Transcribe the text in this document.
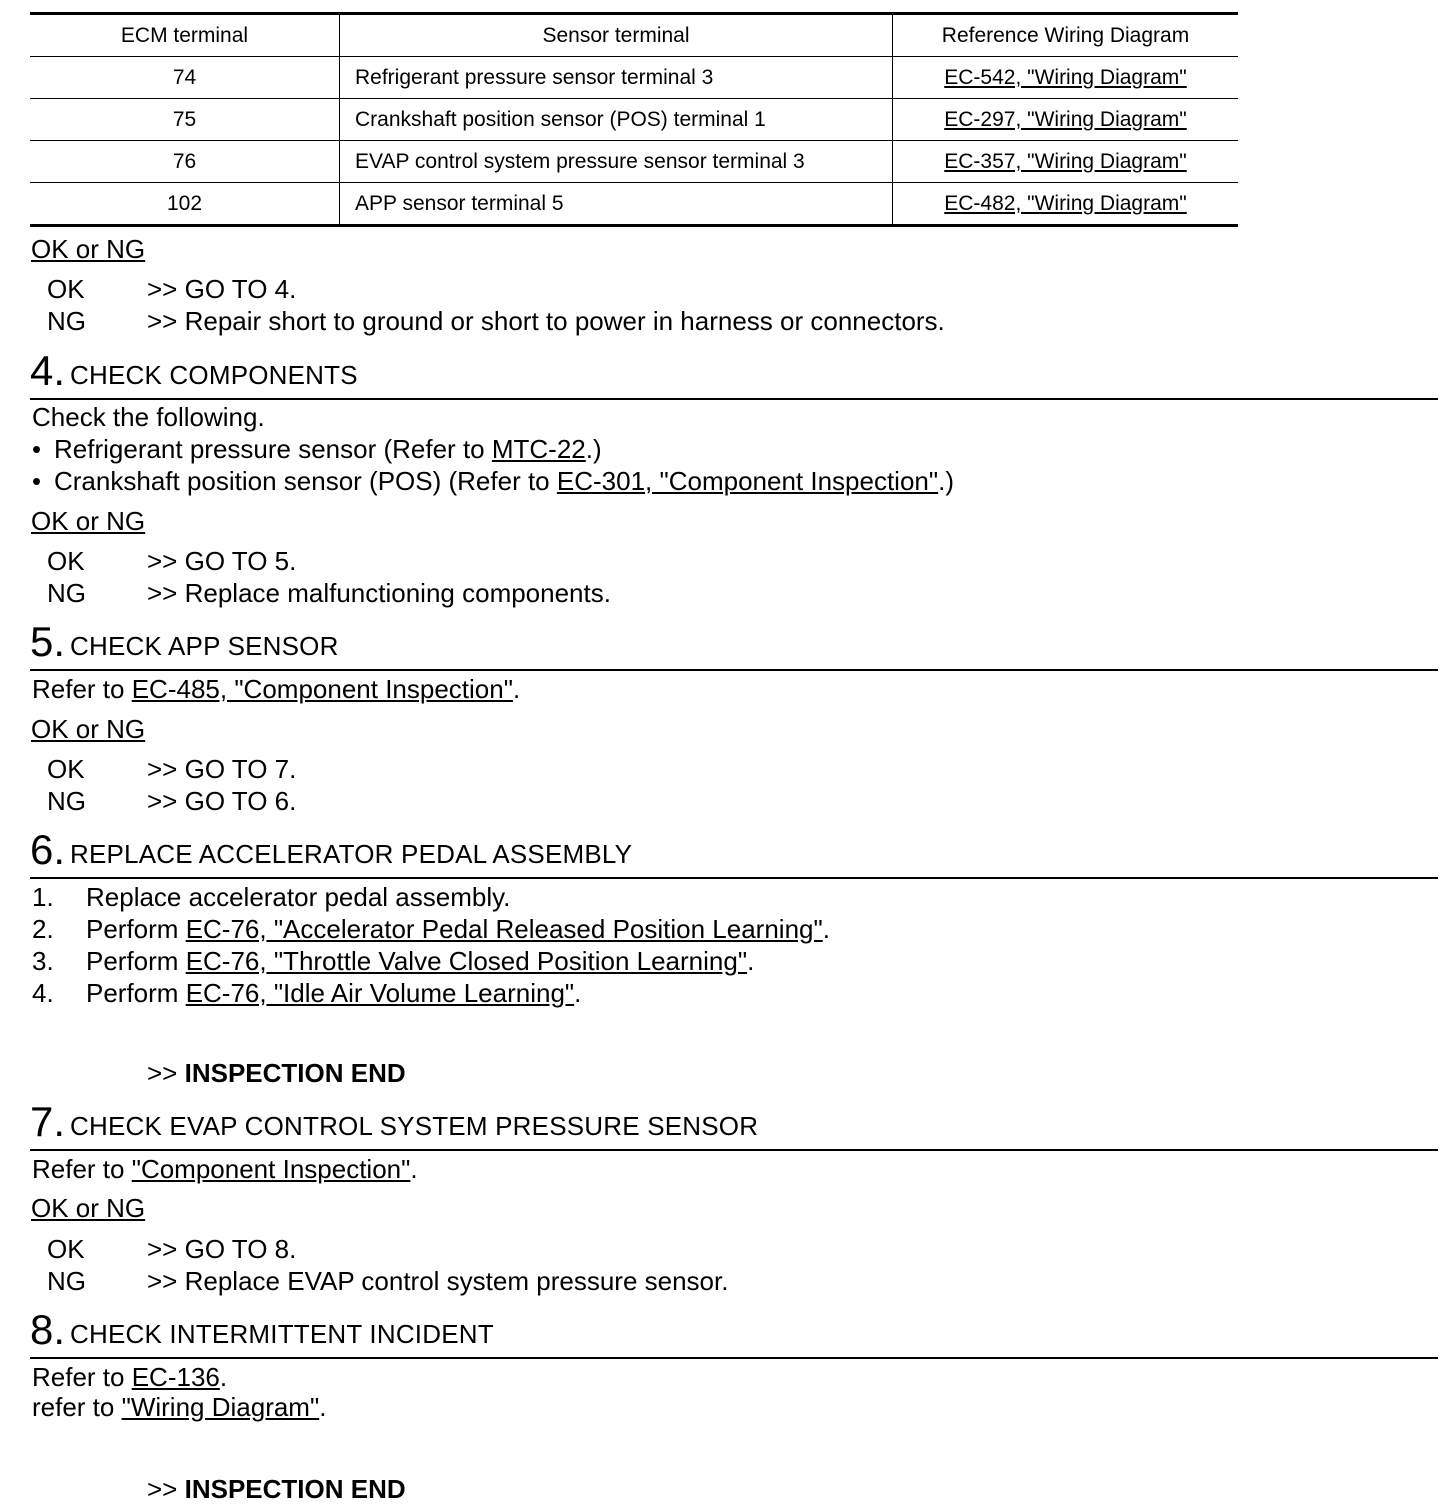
ECM terminal	Sensor terminal	Reference Wiring Diagram
74	Refrigerant pressure sensor terminal 3	EC-542, "Wiring Diagram"
75	Crankshaft position sensor (POS) terminal 1	EC-297, "Wiring Diagram"
76	EVAP control system pressure sensor terminal 3	EC-357, "Wiring Diagram"
102	APP sensor terminal 5	EC-482, "Wiring Diagram"
OK or NG
OK >> GO TO 4.
NG >> Repair short to ground or short to power in harness or connectors.
4. CHECK COMPONENTS
Check the following.
• Refrigerant pressure sensor (Refer to MTC-22.)
• Crankshaft position sensor (POS) (Refer to EC-301, "Component Inspection".)
OK or NG
OK >> GO TO 5.
NG >> Replace malfunctioning components.
5. CHECK APP SENSOR
Refer to EC-485, "Component Inspection".
OK or NG
OK >> GO TO 7.
NG >> GO TO 6.
6. REPLACE ACCELERATOR PEDAL ASSEMBLY
1. Replace accelerator pedal assembly.
2. Perform EC-76, "Accelerator Pedal Released Position Learning".
3. Perform EC-76, "Throttle Valve Closed Position Learning".
4. Perform EC-76, "Idle Air Volume Learning".
>> INSPECTION END
7. CHECK EVAP CONTROL SYSTEM PRESSURE SENSOR
Refer to "Component Inspection".
OK or NG
OK >> GO TO 8.
NG >> Replace EVAP control system pressure sensor.
8. CHECK INTERMITTENT INCIDENT
Refer to EC-136.
refer to "Wiring Diagram".
>> INSPECTION END
